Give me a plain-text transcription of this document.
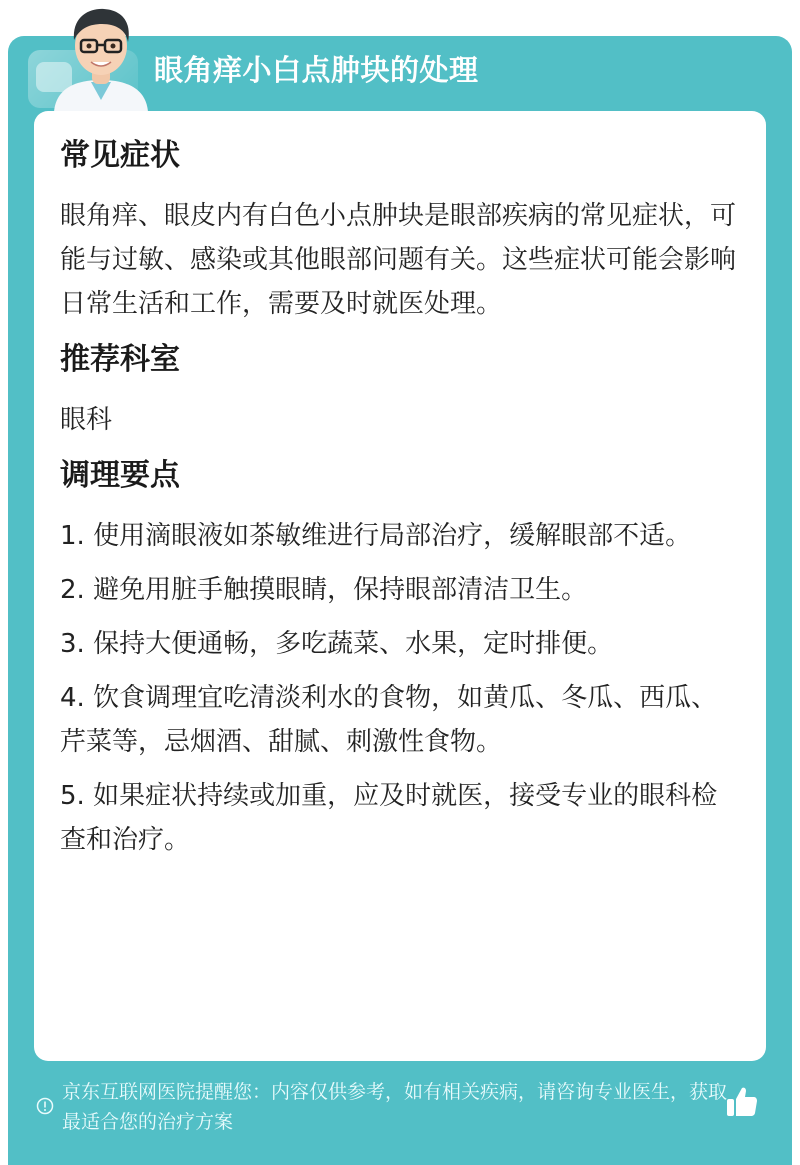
眼角痒小白点肿块的处理
常见症状

眼角痒、眼皮内有白色小点肿块是眼部疾病的常见症状，可能与过敏、感染或其他眼部问题有关。这些症状可能会影响日常生活和工作，需要及时就医处理。

推荐科室

眼科

调理要点

1. 使用滴眼液如茶敏维进行局部治疗，缓解眼部不适。

2. 避免用脏手触摸眼睛，保持眼部清洁卫生。

3. 保持大便通畅，多吃蔬菜、水果，定时排便。

4. 饮食调理宜吃清淡利水的食物，如黄瓜、冬瓜、西瓜、芹菜等，忌烟酒、甜腻、刺激性食物。

5. 如果症状持续或加重，应及时就医，接受专业的眼科检查和治疗。

京东互联网医院提醒您：内容仅供参考，如有相关疾病，请咨询专业医生，获取最适合您的治疗方案
